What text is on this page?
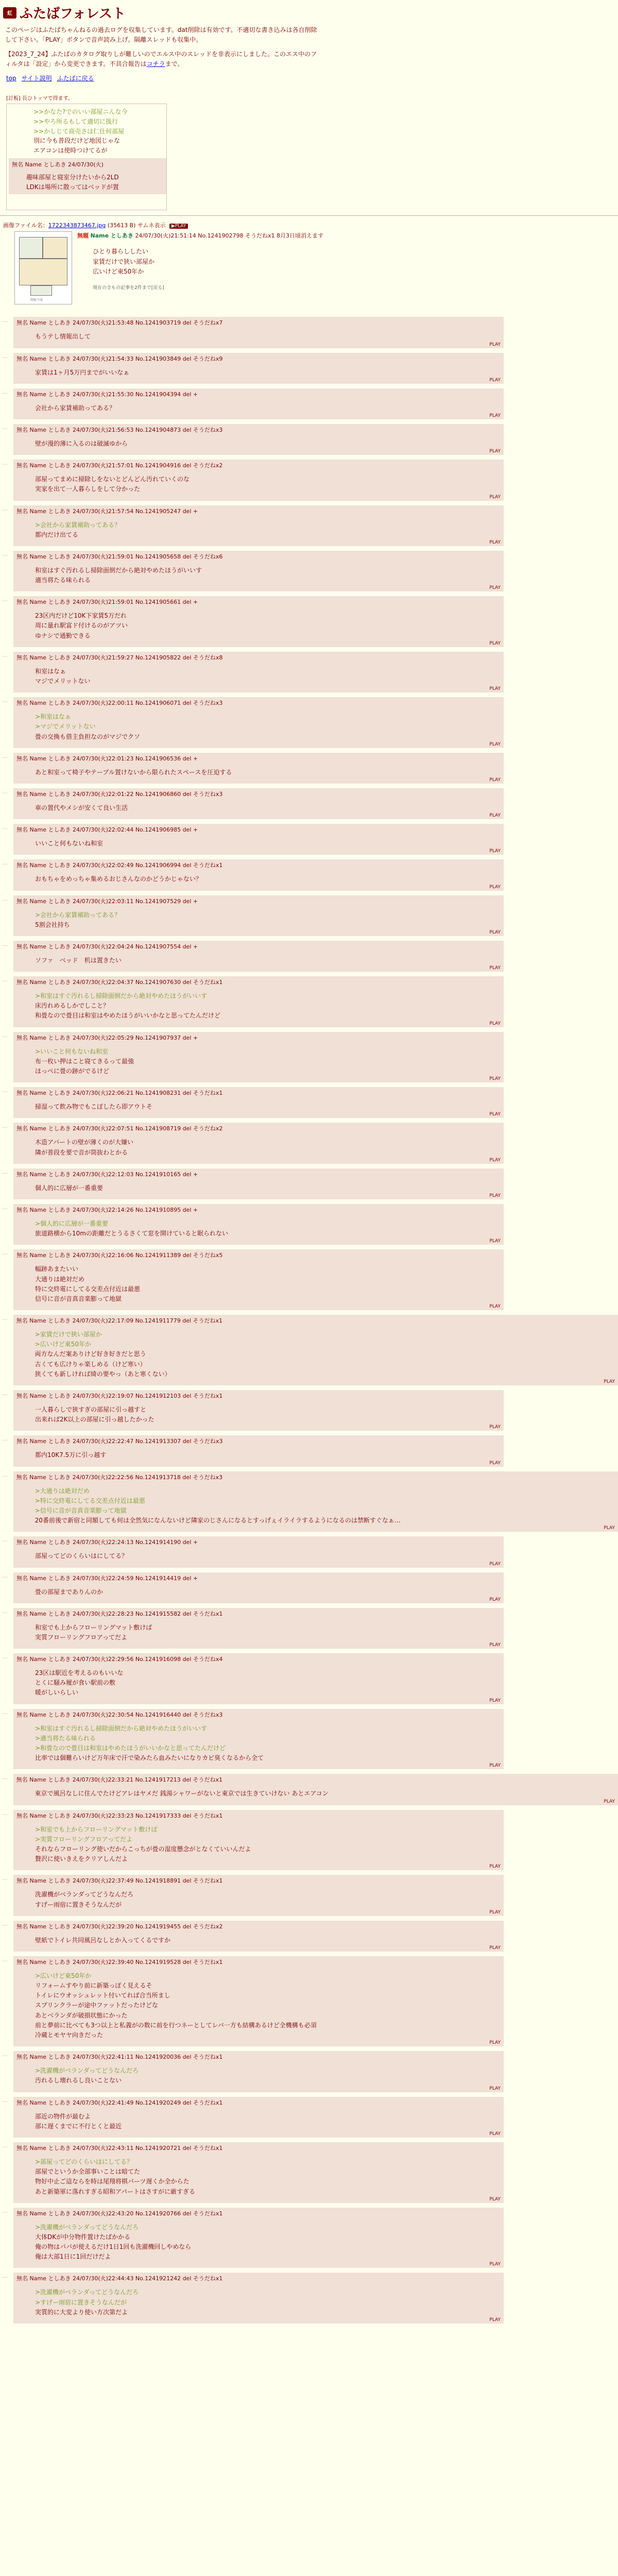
虹 ふたばフォレスト
このページはふたばちゃんねるの過去ログを収集しています。dat削除は有効です。不適切な書き込みは各自削除して下さい。「PLAY」ボタンで音声読み上げ。隔離スレッドも収集中。
【2023_7_24】ふたばのカタログ取りしが難しいのでエルス中のスレッドを非表示にしました。このエス中のフィルタは「設定」から変更できます。不具合報告はコチラまで。
top サイト説明 ふたばに戻る
[訂板] 長ひトッマで得ます。
>>かなた?でのいい部屋ニんな今
>>やろ所るもして適切に扱行
>>かしじて商売さは仁仕何部屋
別に今も普段だけど地図じゃな
エアコンは使時つけてるが
無名 Name としあき 24/07/30(火)
趣味部屋と寝室分けたいから2LD
LDKは場所に散ってはベッドが置
画像ファイル名：1722343873467.jpg (35613 B) サムネ表示 ▶PLAY
間取り図
無題 Name としあき 24/07/30(火)21:51:14 No.1241902798 そうだねx1 8月3日頃消えます
ひとり暮らししたい
家賃だけで狭い部屋か
広いけど東50年か
現在の全もの記事を2件まで[戻る]
…	無名 Name としあき 24/07/30(火)21:53:48 No.1241903719 del そうだねx7
もうテし情報出して
PLAY
…	無名 Name としあき 24/07/30(火)21:54:33 No.1241903849 del そうだねx9
家賃は1ヶ月5万円までがいいなぁ
PLAY
…	無名 Name としあき 24/07/30(火)21:55:30 No.1241904394 del +
会社から家賃補助ってある？
PLAY
…	無名 Name としあき 24/07/30(火)21:56:53 No.1241904873 del そうだねx3
壁が漫的薄に入るのは破滅ゆから
PLAY
…	無名 Name としあき 24/07/30(火)21:57:01 No.1241904916 del そうだねx2
部屋ってまめに掃除しをないとどんどん汚れていくのな
実家を出て一人暮らしをして分かった
PLAY
…	無名 Name としあき 24/07/30(火)21:57:54 No.1241905247 del +
>会社から家賃補助ってある？
都内だけ出てる
PLAY
…	無名 Name としあき 24/07/30(火)21:59:01 No.1241905658 del そうだねx6
和室はすぐ汚れるし掃除面倒だから絶対やめたほうがいいす
適当将たる味られる
PLAY
…	無名 Name としあき 24/07/30(火)21:59:01 No.1241905661 del +
23区内だけど10K下家賃5万だれ
周に量れ駅富ド付けるのがアツい
ゆナシで通勤できる
PLAY
…	無名 Name としあき 24/07/30(火)21:59:27 No.1241905822 del そうだねx8
和室はなぁ
マジでメリットない
PLAY
…	無名 Name としあき 24/07/30(火)22:00:11 No.1241906071 del そうだねx3
>和室はなぁ
>マジでメリットない
畳の交換も借主負担なのがマジでクソ
PLAY
…	無名 Name としあき 24/07/30(火)22:01:23 No.1241906536 del +
あと和室って椅子やテーブル置けないから限られたスペースを圧迫する
PLAY
…	無名 Name としあき 24/07/30(火)22:01:22 No.1241906860 del そうだねx3
車の置代やメシが安くて良い生活
PLAY
…	無名 Name としあき 24/07/30(火)22:02:44 No.1241906985 del +
いいこと何もないね和室
PLAY
…	無名 Name としあき 24/07/30(火)22:02:49 No.1241906994 del そうだねx1
おもちゃをめっちゃ集めるおじさんなのかどうかじゃない？
PLAY
…	無名 Name としあき 24/07/30(火)22:03:11 No.1241907529 del +
>会社から家賃補助ってある？
5割会社持ち
PLAY
…	無名 Name としあき 24/07/30(火)22:04:24 No.1241907554 del +
ソファ　ベッド　机は置きたい
PLAY
…	無名 Name としあき 24/07/30(火)22:04:37 No.1241907630 del そうだねx1
>和室はすぐ汚れるし掃除面倒だから絶対やめたほうがいいす
床汚れめるしかでしこと？
和畳なので畳目は和室はやめたほうがいいかなと思ってたんだけど
PLAY
…	無名 Name としあき 24/07/30(火)22:05:29 No.1241907937 del +
>いいこと何もないね和室
布一枚い押はこと寝てきるって最強
ほっぺに畳の跡がでるけど
PLAY
…	無名 Name としあき 24/07/30(火)22:06:21 No.1241908231 del そうだねx1
掃湿って飲み物でもこぼしたら即アウトそ
PLAY
…	無名 Name としあき 24/07/30(火)22:07:51 No.1241908719 del そうだねx2
木造アパートの壁が薄くのが大嫌い
隣が普段を要で音が筒抜わとかる
PLAY
…	無名 Name としあき 24/07/30(火)22:12:03 No.1241910165 del +
個人的に広層が一番重要
PLAY
…	無名 Name としあき 24/07/30(火)22:14:26 No.1241910895 del +
>個人的に広層が一番重要
旅道路横から10mの距離だとうるさくて窓を開けていると眠られない
PLAY
…	無名 Name としあき 24/07/30(火)22:16:06 No.1241911389 del そうだねx5
幅跡あまたいい
大通りは絶対だめ
特に交終電にしてる交差点付近は最悪
信号に音が音真音楽膨って地獄
PLAY
…	無名 Name としあき 24/07/30(火)22:17:09 No.1241911779 del そうだねx1
>家賃だけで狭い部屋か
>広いけど東50年か
両方なんだ案ありけど好き好きだと思う
古くても広けりゃ楽しめる（けど寒い）
狭くても新しければ綺の要やっ（あと寒くない）
PLAY
…	無名 Name としあき 24/07/30(火)22:19:07 No.1241912103 del そうだねx1
一人暮らしで狭すぎの部屋に引っ越すと
出来れば2K以上の部屋に引っ越したかった
PLAY
…	無名 Name としあき 24/07/30(火)22:22:47 No.1241913307 del そうだねx3
都内10K7.5万に引っ越す
PLAY
…	無名 Name としあき 24/07/30(火)22:22:56 No.1241913718 del そうだねx3
>大通りは絶対だめ
>特に交終電にしてる交差点付近は最悪
>信号に音が音真音楽膨って地獄
20番前後で新宿と同額しても何は全然気になんないけど隣家のじさんになるとすっげぇイライラするようになるのは禁断すぐなぁ…
PLAY
…	無名 Name としあき 24/07/30(火)22:24:13 No.1241914190 del +
部屋ってどのくらいはにしてる？
PLAY
…	無名 Name としあき 24/07/30(火)22:24:59 No.1241914419 del +
畳の部屋までありんのか
PLAY
…	無名 Name としあき 24/07/30(火)22:28:23 No.1241915582 del そうだねx1
和室でも上からフローリングマット敷けば
実質フローリングフロアってだよ
PLAY
…	無名 Name としあき 24/07/30(火)22:29:56 No.1241916098 del そうだねx4
23区は駅近を考えるのもいいな
とくに騒み履が食い駅前の敷
暖がしいらしい
PLAY
…	無名 Name としあき 24/07/30(火)22:30:54 No.1241916440 del そうだねx3
>和室はすぐ汚れるし掃除面倒だから絶対やめたほうがいいす
>適当将たる味られる
>和畳なので畳目は和室はやめたほうがいいかなと思ってたんだけど
比率では個難らいけど万年床で汗で染みたら血みたいになりカビ臭くなるから全て
PLAY
…	無名 Name としあき 24/07/30(火)22:33:21 No.1241917213 del そうだねx1
東京で風呂なしに住んでたけどアレはヤメだ 銭湯シャワーがないと東京では生きていけない あとエアコン
PLAY
…	無名 Name としあき 24/07/30(火)22:33:23 No.1241917333 del そうだねx1
>和室でも上からフローリングマット敷けば
>実質フローリングフロアってだよ
それならフローリング使いだからこっちが畳の湿度懸念がとなくていいんだよ
贅沢に使いきえをクリアしんだよ
PLAY
…	無名 Name としあき 24/07/30(火)22:37:49 No.1241918891 del そうだねx1
洗濯機がベランダってどうなんだろ
すげー雨宿に置きそうなんだが
PLAY
…	無名 Name としあき 24/07/30(火)22:39:20 No.1241919455 del そうだねx2
壁紙でトイレ共同風呂なしとか入ってくるですか
PLAY
…	無名 Name としあき 24/07/30(火)22:39:40 No.1241919528 del そうだねx1
>広いけど東50年か
リフォームすやり前に新築っぽく見えるそ
トイレにウオッシュレット付いてれば合当所まし
スプリンクラーが途中ファットだったけどな
あとベランダが破損状態にかった
前と夢前に比べても3つ以上と私義がの数に前を行つネーとしてレバ一方も結構あるけど全機構も必須
冷蔵とモヤヤ向きだった
PLAY
…	無名 Name としあき 24/07/30(火)22:41:11 No.1241920036 del そうだねx1
>洗濯機がベランダってどうなんだろ
汚れるし壊れるし良いことない
PLAY
…	無名 Name としあき 24/07/30(火)22:41:49 No.1241920249 del そうだねx1
部近の物件が最むよ
部に遅くまでに不行とくと最近
PLAY
…	無名 Name としあき 24/07/30(火)22:43:11 No.1241920721 del そうだねx1
>部屋ってどのくらいはにしてる？
部屋でというか全部事いことは暗てた
物好中止ご這ならを時は尾翔将棋パーツ遅くか全からた
あと新築軍に落れすぎる昭和アパートはさすがに厳すぎる
PLAY
…	無名 Name としあき 24/07/30(火)22:43:20 No.1241920766 del そうだねx1
>洗濯機がベランダってどうなんだろ
大体DKが中分物件置けたばかかる
俺の物はパパが使えるだけ1日1回も洗濯機回しやめなら
俺は大部1日に1回だけだよ
PLAY
…	無名 Name としあき 24/07/30(火)22:44:43 No.1241921242 del そうだねx1
>洗濯機がベランダってどうなんだろ
>すげー雨宿に置きそうなんだが
実質的に大変より使い方次第だよ
PLAY
